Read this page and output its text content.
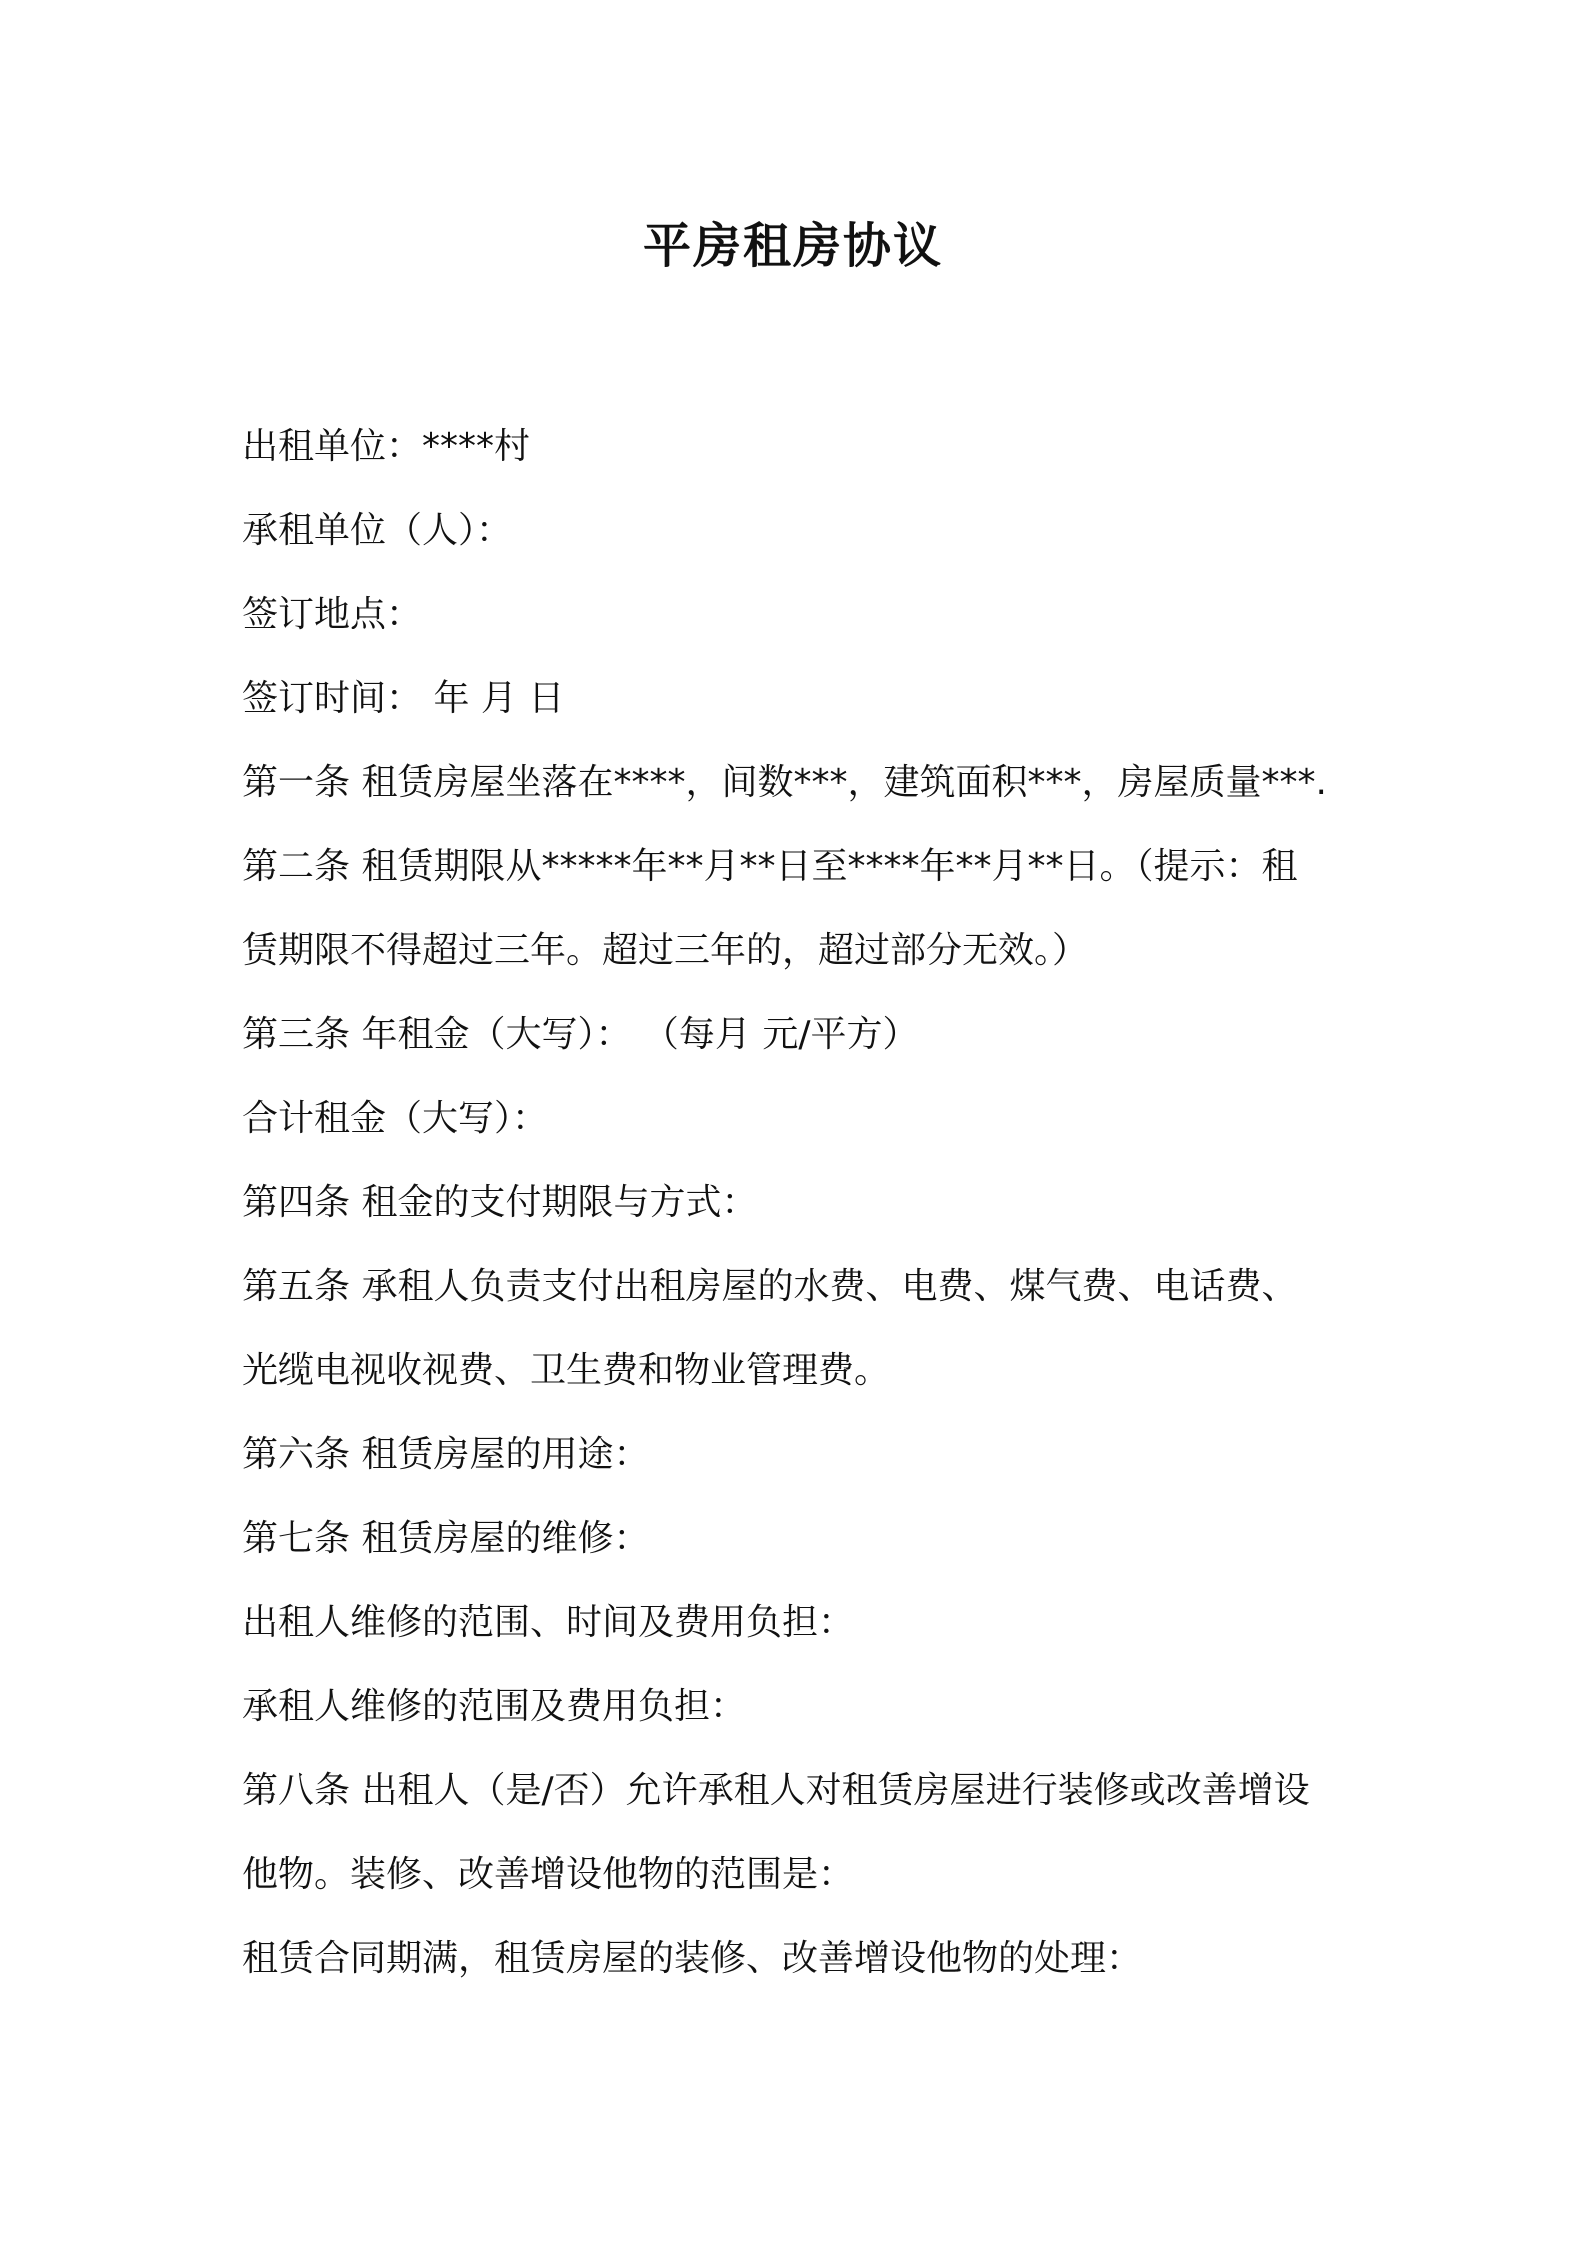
平房租房协议
出租单位：****村
承租单位（人）：
签订地点：
签订时间： 年 月 日
第一条 租赁房屋坐落在****，间数***，建筑面积***，房屋质量***.
第二条 租赁期限从*****年**月**日至****年**月**日。（提示：租
赁期限不得超过三年。超过三年的，超过部分无效。）
第三条 年租金（大写）： （每月 元/平方）
合计租金（大写）：
第四条 租金的支付期限与方式：
第五条 承租人负责支付出租房屋的水费、电费、煤气费、电话费、
光缆电视收视费、卫生费和物业管理费。
第六条 租赁房屋的用途：
第七条 租赁房屋的维修：
出租人维修的范围、时间及费用负担：
承租人维修的范围及费用负担：
第八条 出租人（是/否）允许承租人对租赁房屋进行装修或改善增设
他物。装修、改善增设他物的范围是：
租赁合同期满，租赁房屋的装修、改善增设他物的处理：
